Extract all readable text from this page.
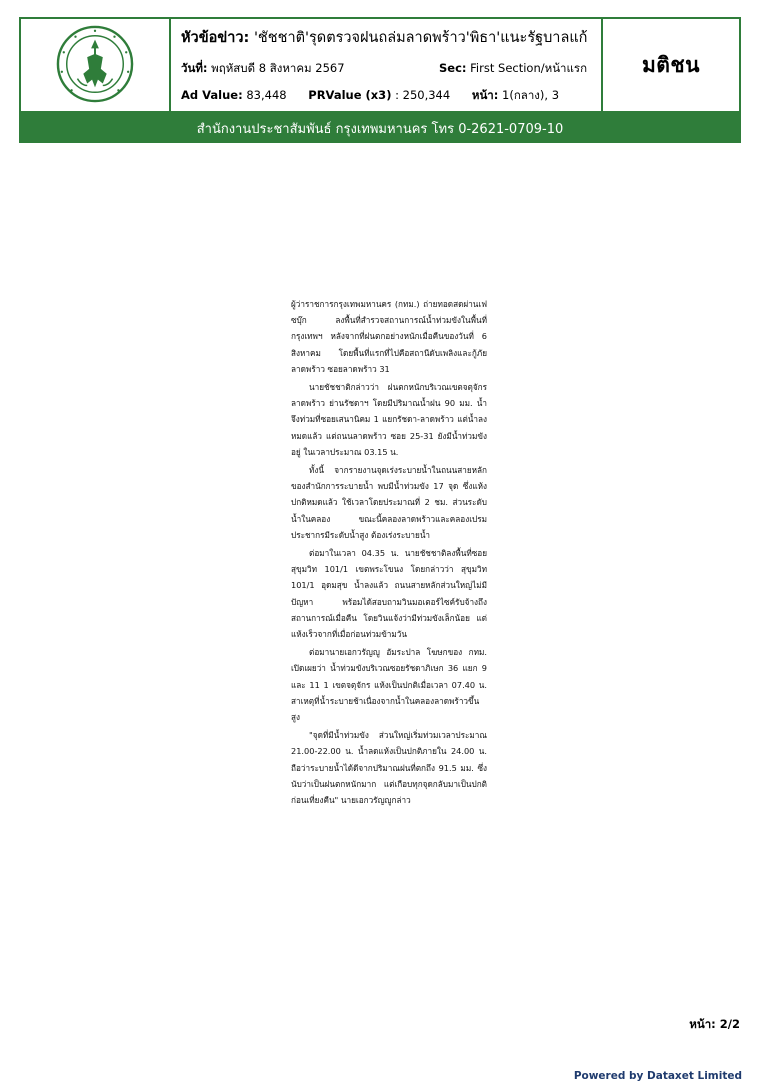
หัวข้อข่าว: 'ชัชชาติ'รุดตรวจฝนถล่มลาดพร้าว'พิธา'แนะรัฐบาลแก้
วันที่: พฤหัสบดี 8 สิงหาคม 2567	Sec: First Section/หน้าแรก
Ad Value: 83,448 PRValue (x3) : 250,344 หน้า: 1(กลาง), 3
มติชน
สำนักงานประชาสัมพันธ์ กรุงเทพมหานคร โทร 0-2621-0709-10

ผู้ว่าราชการกรุงเทพมหานคร (กทม.) ถ่ายทอดสดผ่านเฟซบุ๊ก ลงพื้นที่สำรวจสถานการณ์น้ำท่วมขังในพื้นที่กรุงเทพฯ หลังจากที่ฝนตกอย่างหนักเมื่อคืนของวันที่ 6 สิงหาคม โดยพื้นที่แรกที่ไปคือสถานีดับเพลิงและกู้ภัยลาดพร้าว ซอยลาดพร้าว 31

นายชัชชาติกล่าวว่า ฝนตกหนักบริเวณเขตจตุจักร ลาดพร้าว ย่านรัชดาฯ โดยมีปริมาณน้ำฝน 90 มม. น้ำจึงท่วมที่ซอยเสนานิคม 1 แยกรัชดา-ลาดพร้าว แต่น้ำลงหมดแล้ว แต่ถนนลาดพร้าว ซอย 25-31 ยังมีน้ำท่วมขังอยู่ ในเวลาประมาณ 03.15 น.

ทั้งนี้ จากรายงานจุดเร่งระบายน้ำในถนนสายหลักของสำนักการระบายน้ำ พบมีน้ำท่วมขัง 17 จุด ซึ่งแห้งปกติหมดแล้ว ใช้เวลาโดยประมาณที่ 2 ชม. ส่วนระดับน้ำในคลอง ขณะนี้คลองลาดพร้าวและคลองเปรมประชากรมีระดับน้ำสูง ต้องเร่งระบายน้ำ

ต่อมาในเวลา 04.35 น. นายชัชชาติลงพื้นที่ซอยสุขุมวิท 101/1 เขตพระโขนง โดยกล่าวว่า สุขุมวิท 101/1 อุดมสุข น้ำลงแล้ว ถนนสายหลักส่วนใหญ่ไม่มีปัญหา พร้อมได้สอบถามวินมอเตอร์ไซค์รับจ้างถึงสถานการณ์เมื่อคืน โดยวินแจ้งว่ามีท่วมขังเล็กน้อย แต่แห้งเร็วจากที่เมื่อก่อนท่วมข้ามวัน

ต่อมานายเอกวรัญญู อัมระปาล โฆษกของ กทม. เปิดเผยว่า น้ำท่วมขังบริเวณซอยรัชดาภิเษก 36 แยก 9 และ 11 1 เขตจตุจักร แห้งเป็นปกติเมื่อเวลา 07.40 น. สาเหตุที่น้ำระบายช้าเนื่องจากน้ำในคลองลาดพร้าวขึ้นสูง

"จุดที่มีน้ำท่วมขัง ส่วนใหญ่เริ่มท่วมเวลาประมาณ 21.00-22.00 น. น้ำลดแห้งเป็นปกติภายใน 24.00 น. ถือว่าระบายน้ำได้ดีจากปริมาณฝนที่ตกถึง 91.5 มม. ซึ่งนับว่าเป็นฝนตกหนักมาก แต่เกือบทุกจุดกลับมาเป็นปกติก่อนเที่ยงคืน" นายเอกวรัญญูกล่าว

หน้า: 2/2
Powered by Dataxet Limited
